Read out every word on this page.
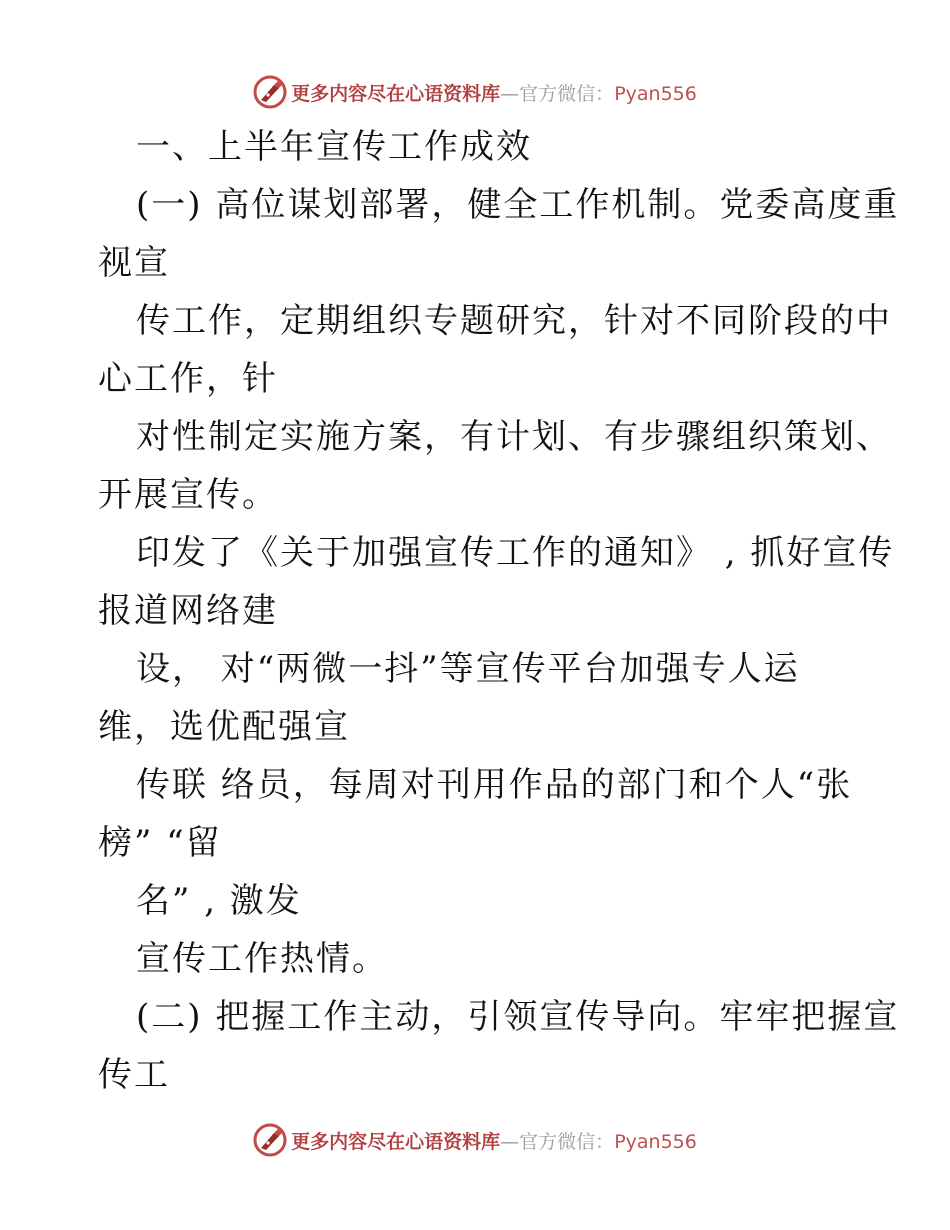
更多内容尽在心语资料库—官方微信：Pyan556
一、上半年宣传工作成效
(一) 高位谋划部署，健全工作机制。党委高度重
视宣
传工作，定期组织专题研究，针对不同阶段的中
心工作，针
对性制定实施方案，有计划、有步骤组织策划、
开展宣传。
印发了《关于加强宣传工作的通知》 , 抓好宣传
报道网络建
设， 对“两微一抖”等宣传平台加强专人运
维，选优配强宣
传联 络员，每周对刊用作品的部门和个人“张
榜” “留
名” , 激发
宣传工作热情。
(二) 把握工作主动，引领宣传导向。牢牢把握宣
传工
更多内容尽在心语资料库—官方微信：Pyan556
